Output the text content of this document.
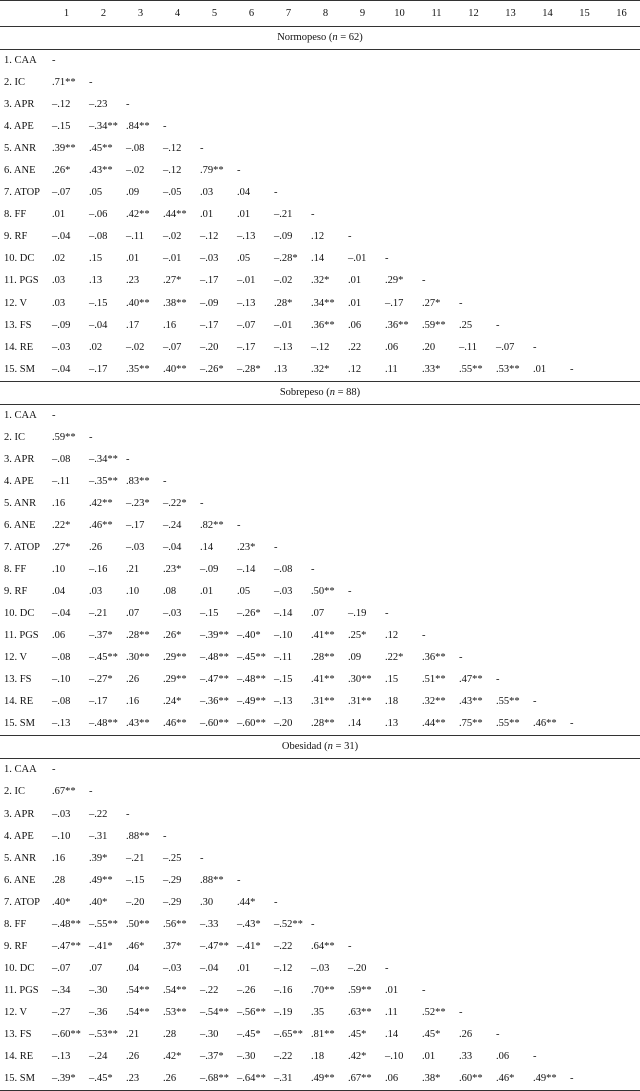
	1	2	3	4	5	6	7	8	9	10	11	12	13	14	15	16
Normopeso (n = 62)																
1. CAA	-															
2. IC	.71**	-														
3. APR	–.12	–.23	-													
4. APE	–.15	–.34**	.84**	-												
5. ANR	.39**	.45**	–.08	–.12	-											
6. ANE	.26*	.43**	–.02	–.12	.79**	-										
7. ATOP	–.07	.05	.09	–.05	.03	.04	-									
8. FF	.01	–.06	.42**	.44**	.01	.01	–.21	-								
9. RF	–.04	–.08	–.11	–.02	–.12	–.13	–.09	.12	-							
10. DC	.02	.15	.01	–.01	–.03	.05	–.28*	.14	–.01	-						
11. PGS	.03	.13	.23	.27*	–.17	–.01	–.02	.32*	.01	.29*	-					
12. V	.03	–.15	.40**	.38**	–.09	–.13	.28*	.34**	.01	–.17	.27*	-				
13. FS	–.09	–.04	.17	.16	–.17	–.07	–.01	.36**	.06	.36**	.59**	.25	-			
14. RE	–.03	.02	–.02	–.07	–.20	–.17	–.13	–.12	.22	.06	.20	–.11	–.07	-		
15. SM	–.04	–.17	.35**	.40**	–.26*	–.28*	.13	.32*	.12	.11	.33*	.55**	.53**	.01	-	
Sobrepeso (n = 88)																
1. CAA	-															
2. IC	.59**	-														
3. APR	–.08	–.34**	-													
4. APE	–.11	–.35**	.83**	-												
5. ANR	.16	.42**	–.23*	–.22*	-											
6. ANE	.22*	.46**	–.17	–.24	.82**	-										
7. ATOP	.27*	.26	–.03	–.04	.14	.23*	-									
8. FF	.10	–.16	.21	.23*	–.09	–.14	–.08	-								
9. RF	.04	.03	.10	.08	.01	.05	–.03	.50**	-							
10. DC	–.04	–.21	.07	–.03	–.15	–.26*	–.14	.07	–.19	-						
11. PGS	.06	–.37*	.28**	.26*	–.39**	–.40*	–.10	.41**	.25*	.12	-					
12. V	–.08	–.45**	.30**	.29**	–.48**	–.45**	–.11	.28**	.09	.22*	.36**	-				
13. FS	–.10	–.27*	.26	.29**	–.47**	–.48**	–.15	.41**	.30**	.15	.51**	.47**	-			
14. RE	–.08	–.17	.16	.24*	–.36**	–.49**	–.13	.31**	.31**	.18	.32**	.43**	.55**	-		
15. SM	–.13	–.48**	.43**	.46**	–.60**	–.60**	–.20	.28**	.14	.13	.44**	.75**	.55**	.46**	-	
Obesidad (n = 31)																
1. CAA	-															
2. IC	.67**	-														
3. APR	–.03	–.22	-													
4. APE	–.10	–.31	.88**	-												
5. ANR	.16	.39*	–.21	–.25	-											
6. ANE	.28	.49**	–.15	–.29	.88**	-										
7. ATOP	.40*	.40*	–.20	–.29	.30	.44*	-									
8. FF	–.48**	–.55**	.50**	.56**	–.33	–.43*	–.52**	-								
9. RF	–.47**	–.41*	.46*	.37*	–.47**	–.41*	–.22	.64**	-							
10. DC	–.07	.07	.04	–.03	–.04	.01	–.12	–.03	–.20	-						
11. PGS	–.34	–.30	.54**	.54**	–.22	–.26	–.16	.70**	.59**	.01	-					
12. V	–.27	–.36	.54**	.53**	–.54**	–.56**	–.19	.35	.63**	.11	.52**	-				
13. FS	–.60**	–.53**	.21	.28	–.30	–.45*	–.65**	.81**	.45*	.14	.45*	.26	-			
14. RE	–.13	–.24	.26	.42*	–.37*	–.30	–.22	.18	.42*	–.10	.01	.33	.06	-		
15. SM	–.39*	–.45*	.23	.26	–.68**	–.64**	–.31	.49**	.67**	.06	.38*	.60**	.46*	.49**	-	
